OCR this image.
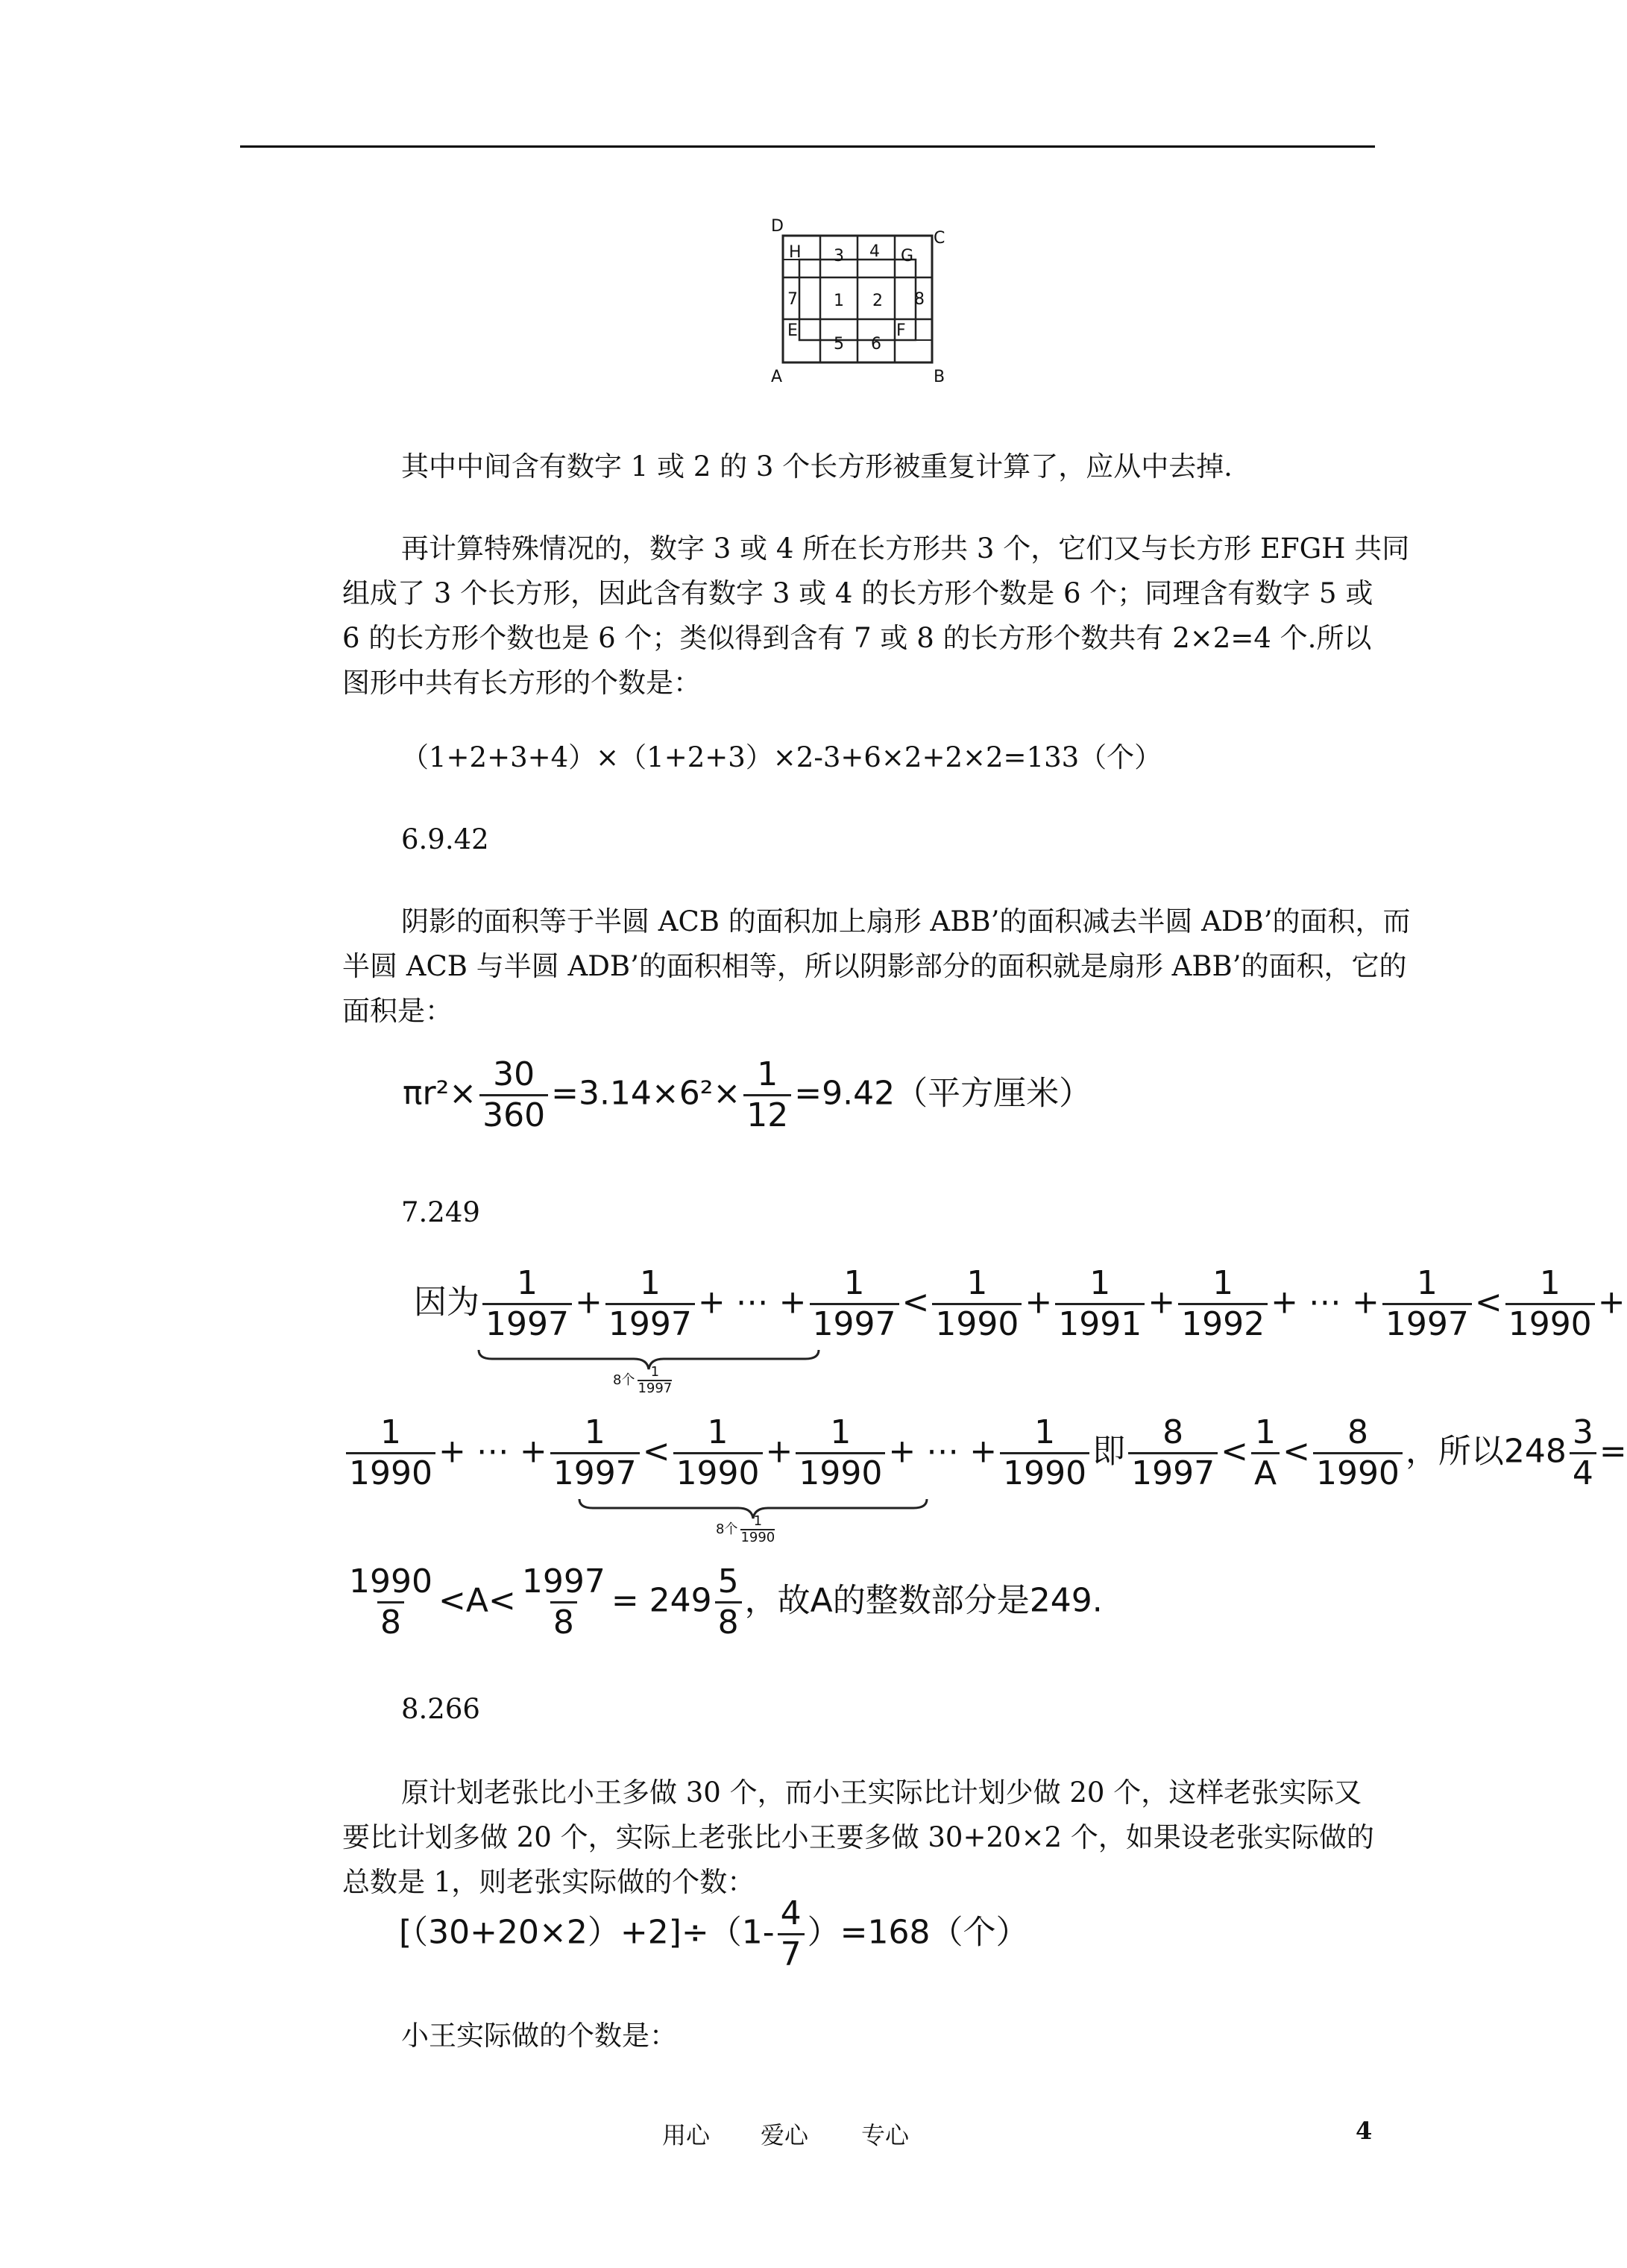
D
C
A	B
H	G
E	F
3 4
7 1 2 8
5 6
其中中间含有数字 1 或 2 的 3 个长方形被重复计算了，应从中去掉.
再计算特殊情况的，数字 3 或 4 所在长方形共 3 个，它们又与长方形 EFGH 共同
组成了 3 个长方形，因此含有数字 3 或 4 的长方形个数是 6 个；同理含有数字 5 或
6 的长方形个数也是 6 个；类似得到含有 7 或 8 的长方形个数共有 2×2=4 个.所以
图形中共有长方形的个数是：
（1+2+3+4）×（1+2+3）×2-3+6×2+2×2=133（个）
6.9.42
阴影的面积等于半圆 ACB 的面积加上扇形 ABB’的面积减去半圆 ADB’的面积，而
半圆 ACB 与半圆 ADB’的面积相等，所以阴影部分的面积就是扇形 ABB’的面积，它的
面积是：
$\pi r^2\times \frac{30}{360} =3.14\times 6^2\times \frac{1}{12} =9.42$（平方厘米）
7.249
因为 $\frac{1}{1997} + \frac{1}{1997}$ + ⋯ + $\frac{1}{1997} < \frac{1}{1990} + \frac{1}{1991} + \frac{1}{1992}$ + ⋯ + $\frac{1}{1997} < \frac{1}{1990}$ +
8个 $\frac{1}{1997}$
$\frac{1}{1990}$ + ⋯ + $\frac{1}{1997} < \frac{1}{1990} + \frac{1}{1990}$ + ⋯ + $\frac{1}{1990}$ 即 $\frac{8}{1997} < \frac{1}{A} < \frac{8}{1990}$ ，所以$248 \frac{3}{4}$ =
8个 $\frac{1}{1990}$
$\frac{1990}{8} <A< \frac{1997}{8} = 249 \frac{5}{8}$ ，故A的整数部分是249.
8.266
原计划老张比小王多做 30 个，而小王实际比计划少做 20 个，这样老张实际又
要比计划多做 20 个，实际上老张比小王要多做 30+20×2 个，如果设老张实际做的
总数是 1，则老张实际做的个数：
$[(30+20\times 2)+2]\div(1- \frac{4}{7} )=168$（个）
小王实际做的个数是：
用心 爱心 专心	4
